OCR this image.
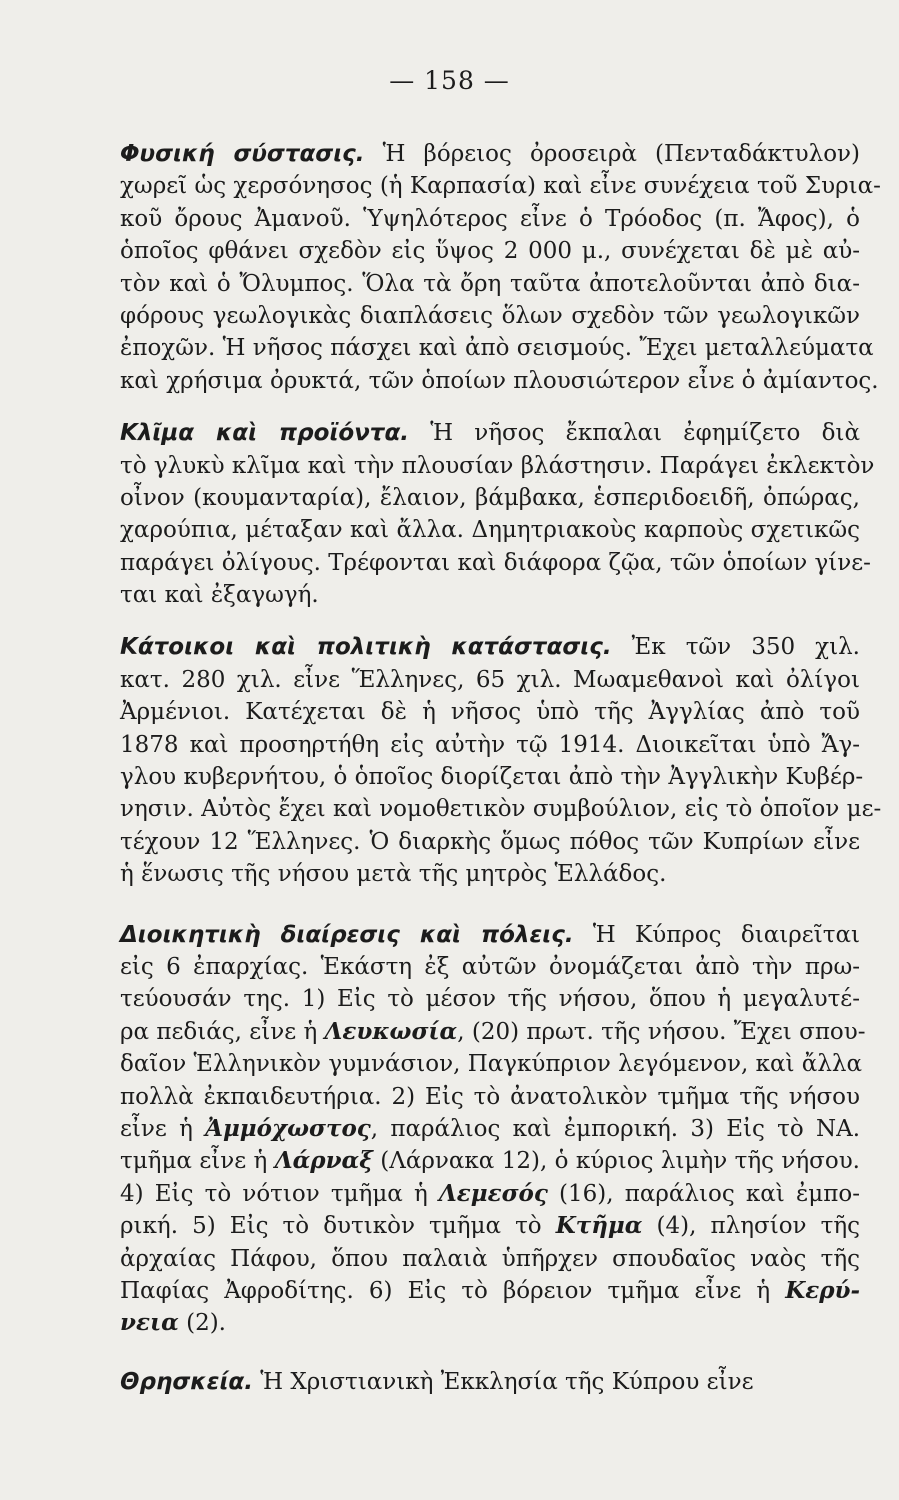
— 158 —
Φυσική σύστασις. Ἡ βόρειος ὀροσειρὰ (Πενταδάκτυλον)
χωρεῖ ὡς χερσόνησος (ἡ Καρπασία) καὶ εἶνε συνέχεια τοῦ Συρια-
κοῦ ὄρους Ἀμανοῦ. Ὑψηλότερος εἶνε ὁ Τρόοδος (π. Ἄφος), ὁ
ὁποῖος φθάνει σχεδὸν εἰς ὕψος 2 000 μ., συνέχεται δὲ μὲ αὐ-
τὸν καὶ ὁ Ὄλυμπος. Ὅλα τὰ ὄρη ταῦτα ἀποτελοῦνται ἀπὸ δια-
φόρους γεωλογικὰς διαπλάσεις ὅλων σχεδὸν τῶν γεωλογικῶν
ἐποχῶν. Ἡ νῆσος πάσχει καὶ ἀπὸ σεισμούς. Ἔχει μεταλλεύματα
καὶ χρήσιμα ὀρυκτά, τῶν ὁποίων πλουσιώτερον εἶνε ὁ ἀμίαντος.
Κλῖμα καὶ προϊόντα. Ἡ νῆσος ἔκπαλαι ἐφημίζετο διὰ
τὸ γλυκὺ κλῖμα καὶ τὴν πλουσίαν βλάστησιν. Παράγει ἐκλεκτὸν
οἶνον (κουμανταρία), ἔλαιον, βάμβακα, ἑσπεριδοειδῆ, ὀπώρας,
χαρούπια, μέταξαν καὶ ἄλλα. Δημητριακοὺς καρποὺς σχετικῶς
παράγει ὀλίγους. Τρέφονται καὶ διάφορα ζῷα, τῶν ὁποίων γίνε-
ται καὶ ἐξαγωγή.
Κάτοικοι καὶ πολιτικὴ κατάστασις. Ἐκ τῶν 350 χιλ.
κατ. 280 χιλ. εἶνε Ἕλληνες, 65 χιλ. Μωαμεθανοὶ καὶ ὀλίγοι
Ἀρμένιοι. Κατέχεται δὲ ἡ νῆσος ὑπὸ τῆς Ἀγγλίας ἀπὸ τοῦ
1878 καὶ προσηρτήθη εἰς αὐτὴν τῷ 1914. Διοικεῖται ὑπὸ Ἄγ-
γλου κυβερνήτου, ὁ ὁποῖος διορίζεται ἀπὸ τὴν Ἀγγλικὴν Κυβέρ-
νησιν. Αὐτὸς ἔχει καὶ νομοθετικὸν συμβούλιον, εἰς τὸ ὁποῖον με-
τέχουν 12 Ἕλληνες. Ὁ διαρκὴς ὅμως πόθος τῶν Κυπρίων εἶνε
ἡ ἕνωσις τῆς νήσου μετὰ τῆς μητρὸς Ἑλλάδος.
Διοικητικὴ διαίρεσις καὶ πόλεις. Ἡ Κύπρος διαιρεῖται
εἰς 6 ἐπαρχίας. Ἑκάστη ἐξ αὐτῶν ὀνομάζεται ἀπὸ τὴν πρω-
τεύουσάν της. 1) Εἰς τὸ μέσον τῆς νήσου, ὅπου ἡ μεγαλυτέ-
ρα πεδιάς, εἶνε ἡ Λευκωσία, (20) πρωτ. τῆς νήσου. Ἔχει σπου-
δαῖον Ἑλληνικὸν γυμνάσιον, Παγκύπριον λεγόμενον, καὶ ἄλλα
πολλὰ ἐκπαιδευτήρια. 2) Εἰς τὸ ἀνατολικὸν τμῆμα τῆς νήσου
εἶνε ἡ Ἀμμόχωστος, παράλιος καὶ ἐμπορική. 3) Εἰς τὸ ΝΑ.
τμῆμα εἶνε ἡ Λάρναξ (Λάρνακα 12), ὁ κύριος λιμὴν τῆς νήσου.
4) Εἰς τὸ νότιον τμῆμα ἡ Λεμεσός (16), παράλιος καὶ ἐμπο-
ρική. 5) Εἰς τὸ δυτικὸν τμῆμα τὸ Κτῆμα (4), πλησίον τῆς
ἀρχαίας Πάφου, ὅπου παλαιὰ ὑπῆρχεν σπουδαῖος ναὸς τῆς
Παφίας Ἀφροδίτης. 6) Εἰς τὸ βόρειον τμῆμα εἶνε ἡ Κερύ-
νεια (2).
Θρησκεία. Ἡ Χριστιανικὴ Ἐκκλησία τῆς Κύπρου εἶνε
